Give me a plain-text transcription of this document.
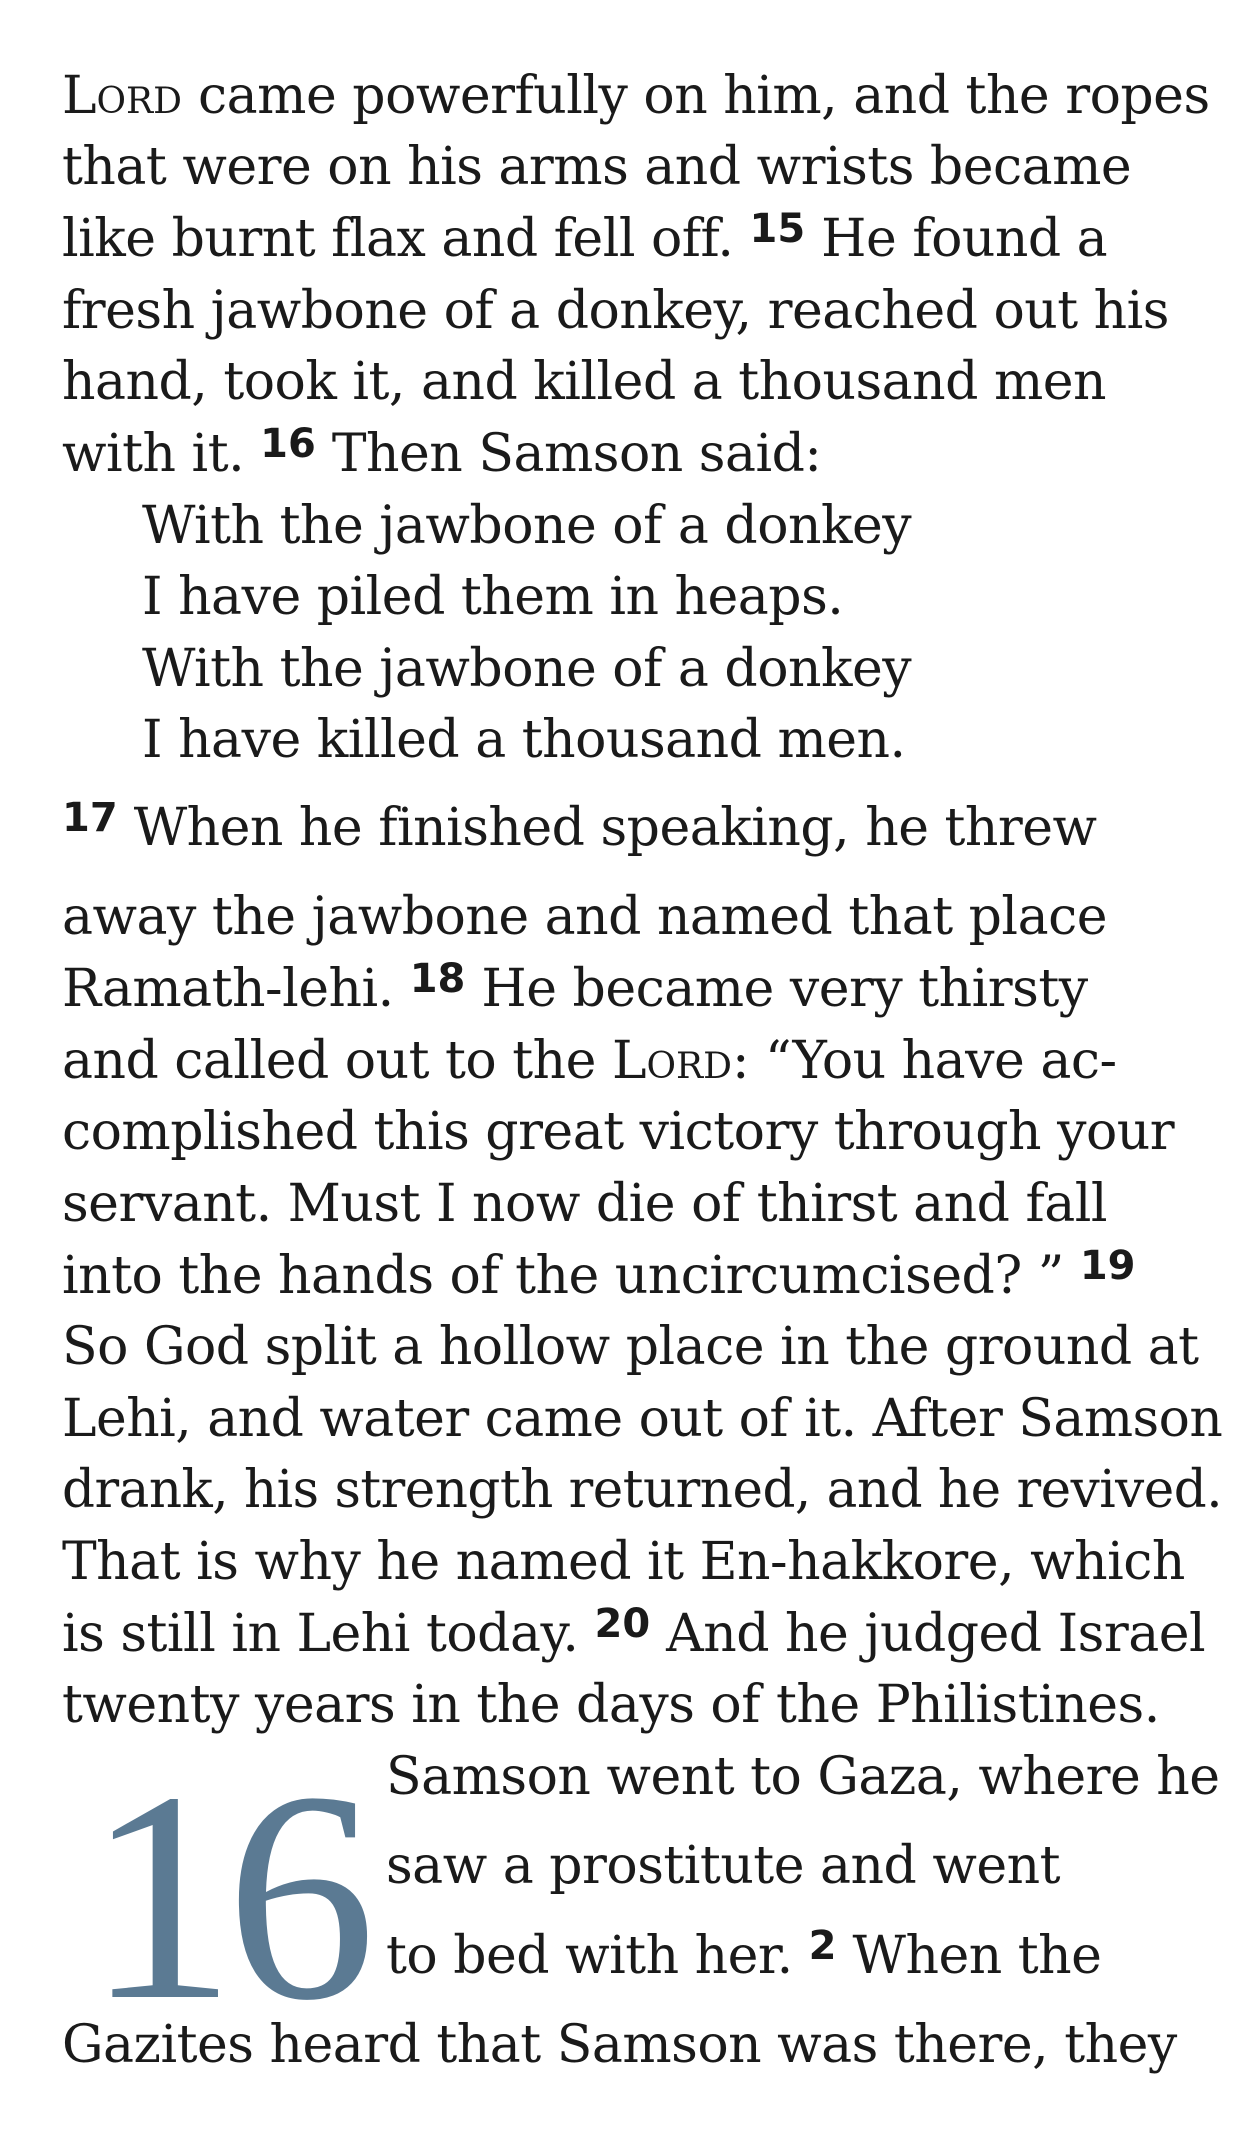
Lord came powerfully on him, and the ropes
that were on his arms and wrists became
like burnt flax and fell off. $^{15}$ He found a
fresh jawbone of a donkey, reached out his
hand, took it, and killed a thousand men
with it. $^{16}$ Then Samson said:
With the jawbone of a donkey
I have piled them in heaps.
With the jawbone of a donkey
I have killed a thousand men.
$^{17}$ When he finished speaking, he threw
away the jawbone and named that place
Ramath-lehi. $^{18}$ He became very thirsty
and called out to the Lord: “You have ac-
complished this great victory through your
servant. Must I now die of thirst and fall
into the hands of the uncircumcised? ” $^{19}$
So God split a hollow place in the ground at
Lehi, and water came out of it. After Samson
drank, his strength returned, and he revived.
That is why he named it En-hakkore, which
is still in Lehi today. $^{20}$ And he judged Israel
twenty years in the days of the Philistines.
16 Samson went to Gaza, where he
saw a prostitute and went
to bed with her. $^2$ When the
Gazites heard that Samson was there, they
